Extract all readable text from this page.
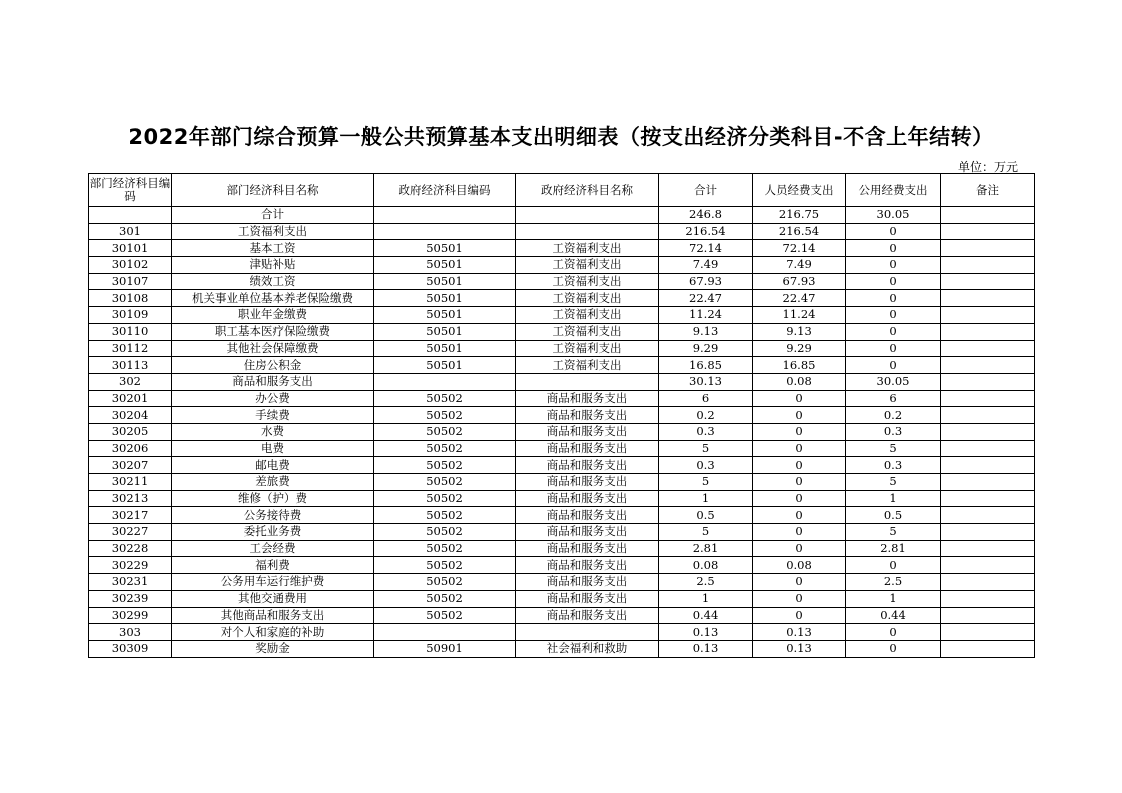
2022年部门综合预算一般公共预算基本支出明细表（按支出经济分类科目-不含上年结转）
单位：万元
部门经济科目编码	部门经济科目名称	政府经济科目编码	政府经济科目名称	合计	人员经费支出	公用经费支出	备注
	合计			246.8	216.75	30.05	
301	工资福利支出			216.54	216.54	0	
30101	基本工资	50501	工资福利支出	72.14	72.14	0	
30102	津贴补贴	50501	工资福利支出	7.49	7.49	0	
30107	绩效工资	50501	工资福利支出	67.93	67.93	0	
30108	机关事业单位基本养老保险缴费	50501	工资福利支出	22.47	22.47	0	
30109	职业年金缴费	50501	工资福利支出	11.24	11.24	0	
30110	职工基本医疗保险缴费	50501	工资福利支出	9.13	9.13	0	
30112	其他社会保障缴费	50501	工资福利支出	9.29	9.29	0	
30113	住房公积金	50501	工资福利支出	16.85	16.85	0	
302	商品和服务支出			30.13	0.08	30.05	
30201	办公费	50502	商品和服务支出	6	0	6	
30204	手续费	50502	商品和服务支出	0.2	0	0.2	
30205	水费	50502	商品和服务支出	0.3	0	0.3	
30206	电费	50502	商品和服务支出	5	0	5	
30207	邮电费	50502	商品和服务支出	0.3	0	0.3	
30211	差旅费	50502	商品和服务支出	5	0	5	
30213	维修（护）费	50502	商品和服务支出	1	0	1	
30217	公务接待费	50502	商品和服务支出	0.5	0	0.5	
30227	委托业务费	50502	商品和服务支出	5	0	5	
30228	工会经费	50502	商品和服务支出	2.81	0	2.81	
30229	福利费	50502	商品和服务支出	0.08	0.08	0	
30231	公务用车运行维护费	50502	商品和服务支出	2.5	0	2.5	
30239	其他交通费用	50502	商品和服务支出	1	0	1	
30299	其他商品和服务支出	50502	商品和服务支出	0.44	0	0.44	
303	对个人和家庭的补助			0.13	0.13	0	
30309	奖励金	50901	社会福利和救助	0.13	0.13	0	
